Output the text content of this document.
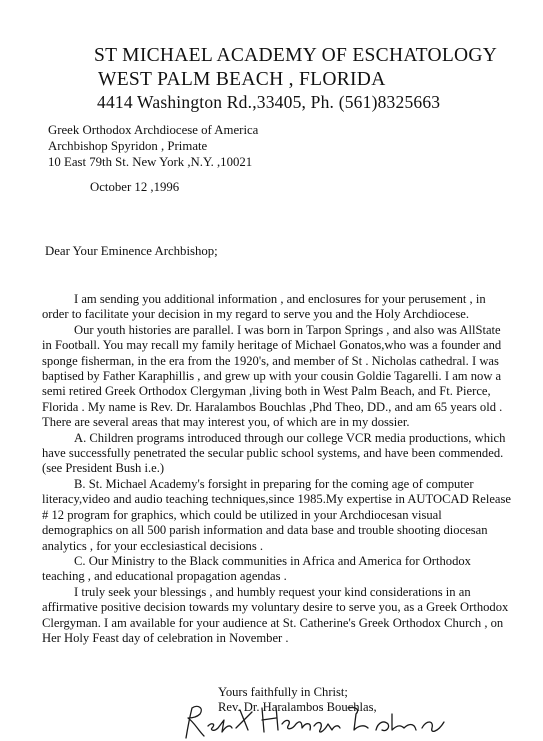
ST MICHAEL ACADEMY OF ESCHATOLOGY
WEST PALM BEACH , FLORIDA
4414 Washington Rd.,33405, Ph. (561)8325663
Greek Orthodox Archdiocese of America
Archbishop Spyridon , Primate
10 East 79th St. New York ,N.Y. ,10021
October 12 ,1996
Dear Your Eminence Archbishop;

I am sending you additional information , and enclosures for your perusement , in order to facilitate your decision in my regard to serve you and the Holy Archdiocese.

Our youth histories are parallel. I was born in Tarpon Springs , and also was AllState in Football. You may recall my family heritage of Michael Gonatos,who was a founder and sponge fisherman, in the era from the 1920's, and member of St . Nicholas cathedral. I was baptised by Father Karaphillis , and grew up with your cousin Goldie Tagarelli. I am now a semi retired Greek Orthodox Clergyman ,living both in West Palm Beach, and Ft. Pierce, Florida . My name is Rev. Dr. Haralambos Bouchlas ,Phd Theo, DD., and am 65 years old . There are several areas that may interest you, of which are in my dossier.

A. Children programs introduced through our college VCR media productions, which have successfully penetrated the secular public school systems, and have been commended.(see President Bush i.e.)

B. St. Michael Academy's forsight in preparing for the coming age of computer literacy,video and audio teaching techniques,since 1985.My expertise in AUTOCAD Release # 12 program for graphics, which could be utilized in your Archdiocesan visual demographics on all 500 parish information and data base and trouble shooting diocesan analytics , for your ecclesiastical decisions .

C. Our Ministry to the Black communities in Africa and America for Orthodox teaching , and educational propagation agendas .

I truly seek your blessings , and humbly request your kind considerations in an affirmative positive decision towards my voluntary desire to serve you, as a Greek Orthodox Clergyman. I am available for your audience at St. Catherine's Greek Orthodox Church , on Her Holy Feast day of celebration in November .

Yours faithfully in Christ;
Rev. Dr. Haralambos Bouchlas,
